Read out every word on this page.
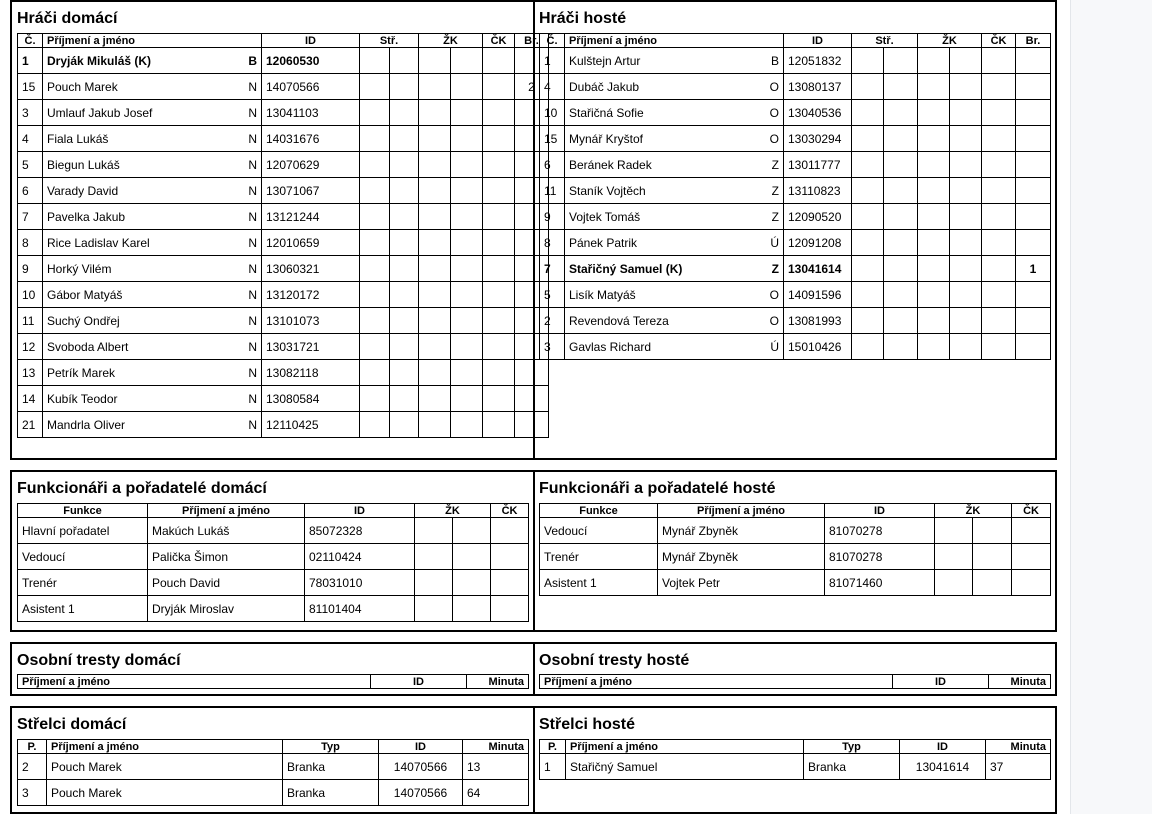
Hráči domácí	Hráči hosté
Č.	Příjmení a jméno	ID	Stř.		ŽK		ČK	Br.
1	Dryják Mikuláš (K) B	12060530						
15	Pouch Marek N	14070566						2
3	Umlauf Jakub Josef N	13041103						
4	Fiala Lukáš N	14031676						
5	Biegun Lukáš N	12070629						
6	Varady David N	13071067						
7	Pavelka Jakub N	13121244						
8	Rice Ladislav Karel N	12010659						
9	Horký Vilém N	13060321						
10	Gábor Matyáš N	13120172						
11	Suchý Ondřej N	13101073						
12	Svoboda Albert N	13031721						
13	Petrík Marek N	13082118						
14	Kubík Teodor N	13080584						
21	Mandrla Oliver N	12110425						
Č.	Příjmení a jméno	ID	Stř.		ŽK		ČK	Br.
1	Kulštejn Artur B	12051832						
4	Dubáč Jakub O	13080137						
10	Stařičná Sofie O	13040536						
15	Mynář Kryštof O	13030294						
6	Beránek Radek Z	13011777						
11	Staník Vojtěch Z	13110823						
9	Vojtek Tomáš Z	12090520						
8	Pánek Patrik Ú	12091208						
7	Stařičný Samuel (K) Z	13041614						1
5	Lisík Matyáš O	14091596						
2	Revendová Tereza O	13081993						
3	Gavlas Richard Ú	15010426						
Funkcionáři a pořadatelé domácí	Funkcionáři a pořadatelé hosté
Funkce	Příjmení a jméno	ID	ŽK		ČK
Hlavní pořadatel	Makúch Lukáš	85072328			
Vedoucí	Palička Šimon	02110424			
Trenér	Pouch David	78031010			
Asistent 1	Dryják Miroslav	81101404			
Funkce	Příjmení a jméno	ID	ŽK		ČK
Vedoucí	Mynář Zbyněk	81070278			
Trenér	Mynář Zbyněk	81070278			
Asistent 1	Vojtek Petr	81071460			
Osobní tresty domácí	Osobní tresty hosté
Příjmení a jméno	ID	Minuta Příjmení a jméno	ID	Minuta
Střelci domácí	Střelci hosté
P.	Příjmení a jméno	Typ	ID	Minuta
2	Pouch Marek	Branka	14070566	13
3	Pouch Marek	Branka	14070566	64
P.	Příjmení a jméno	Typ	ID	Minuta
1	Stařičný Samuel	Branka	13041614	37
